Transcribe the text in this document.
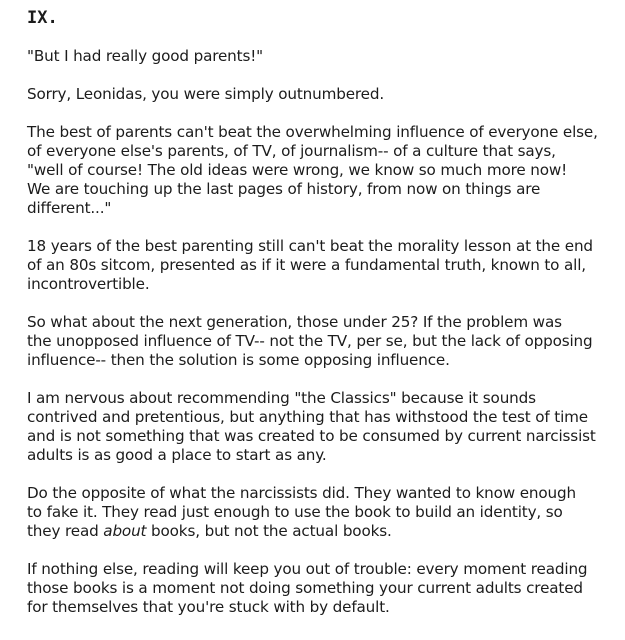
IX.

"But I had really good parents!"

Sorry, Leonidas, you were simply outnumbered.

The best of parents can't beat the overwhelming influence of everyone else,
of everyone else's parents, of TV, of journalism-- of a culture that says,
"well of course! The old ideas were wrong, we know so much more now!
We are touching up the last pages of history, from now on things are
different..."

18 years of the best parenting still can't beat the morality lesson at the end
of an 80s sitcom, presented as if it were a fundamental truth, known to all,
incontrovertible.

So what about the next generation, those under 25? If the problem was
the unopposed influence of TV-- not the TV, per se, but the lack of opposing
influence-- then the solution is some opposing influence.

I am nervous about recommending "the Classics" because it sounds
contrived and pretentious, but anything that has withstood the test of time
and is not something that was created to be consumed by current narcissist
adults is as good a place to start as any.

Do the opposite of what the narcissists did. They wanted to know enough
to fake it. They read just enough to use the book to build an identity, so
they read about books, but not the actual books.

If nothing else, reading will keep you out of trouble: every moment reading
those books is a moment not doing something your current adults created
for themselves that you're stuck with by default.
